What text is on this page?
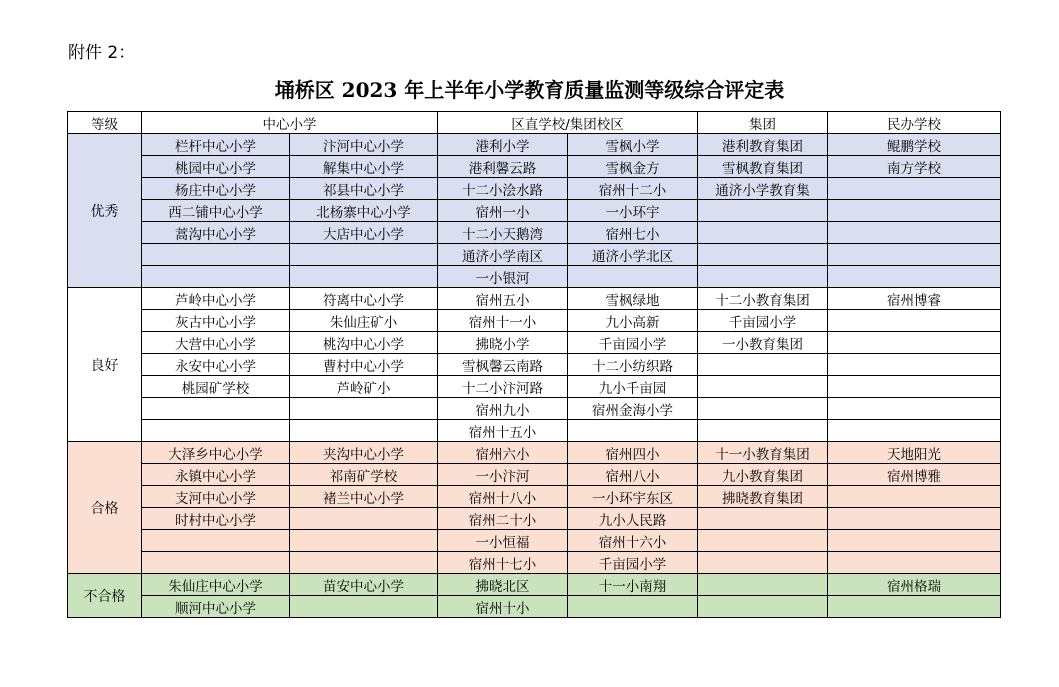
附件 2：
埇桥区 2023 年上半年小学教育质量监测等级综合评定表
等级	中心小学		区直学校/集团校区		集团	民办学校
优秀	栏杆中心小学	汴河中心小学	港利小学	雪枫小学	港利教育集团	鲲鹏学校
	桃园中心小学	解集中心小学	港利馨云路	雪枫金方	雪枫教育集团	南方学校
	杨庄中心小学	祁县中心小学	十二小浍水路	宿州十二小	通济小学教育集	
	西二铺中心小学	北杨寨中心小学	宿州一小	一小环宇		
	蒿沟中心小学	大店中心小学	十二小天鹅湾	宿州七小		
			通济小学南区	通济小学北区		
			一小银河			
良好	芦岭中心小学	符离中心小学	宿州五小	雪枫绿地	十二小教育集团	宿州博睿
	灰古中心小学	朱仙庄矿小	宿州十一小	九小高新	千亩园小学	
	大营中心小学	桃沟中心小学	拂晓小学	千亩园小学	一小教育集团	
	永安中心小学	曹村中心小学	雪枫馨云南路	十二小纺织路		
	桃园矿学校	芦岭矿小	十二小汴河路	九小千亩园		
			宿州九小	宿州金海小学		
			宿州十五小			
合格	大泽乡中心小学	夹沟中心小学	宿州六小	宿州四小	十一小教育集团	天地阳光
	永镇中心小学	祁南矿学校	一小汴河	宿州八小	九小教育集团	宿州博雅
	支河中心小学	褚兰中心小学	宿州十八小	一小环宇东区	拂晓教育集团	
	时村中心小学		宿州二十小	九小人民路		
			一小恒福	宿州十六小		
			宿州十七小	千亩园小学		
不合格	朱仙庄中心小学	苗安中心小学	拂晓北区	十一小南翔		宿州格瑞
	顺河中心小学		宿州十小			
